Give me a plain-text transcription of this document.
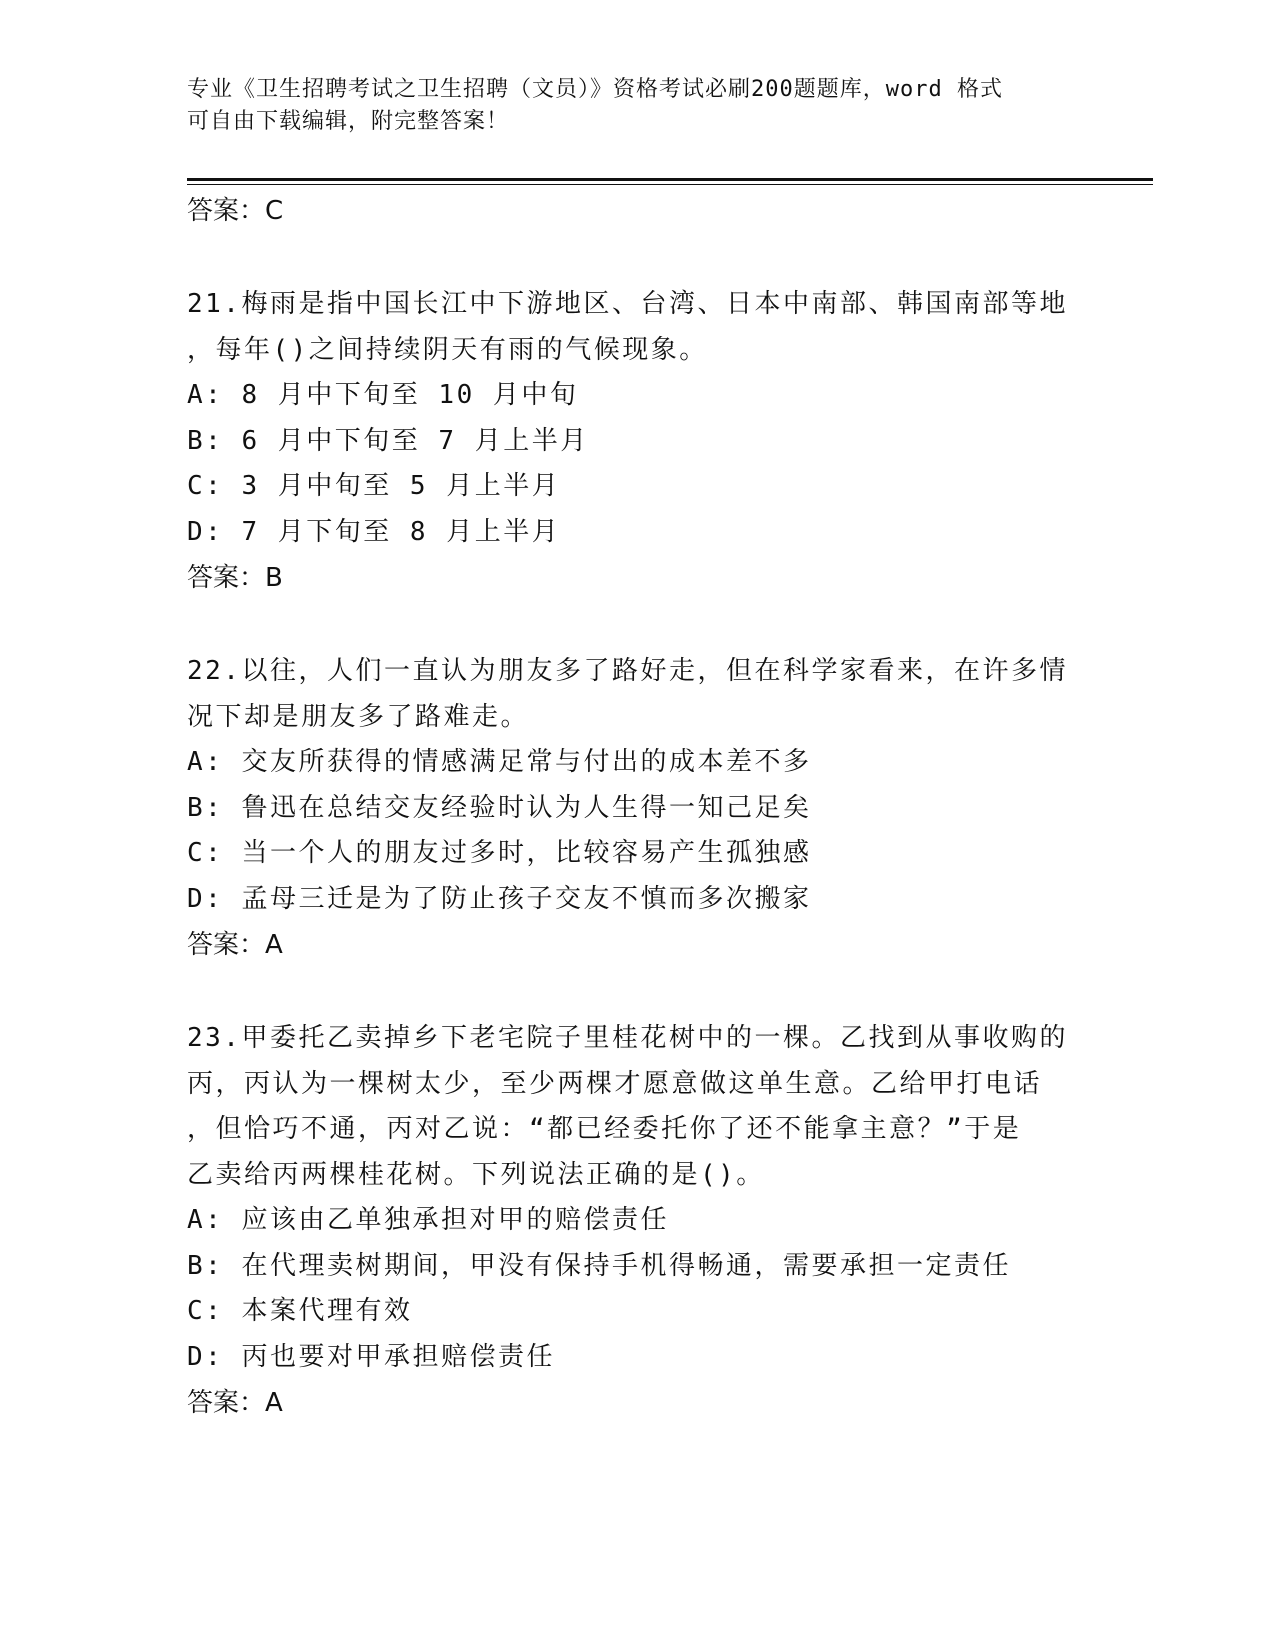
专业《卫生招聘考试之卫生招聘（文员）》资格考试必刷200题题库，word 格式
可自由下载编辑，附完整答案！
答案：C
21.梅雨是指中国长江中下游地区、台湾、日本中南部、韩国南部等地
，每年()之间持续阴天有雨的气候现象。
A: 8 月中下旬至 10 月中旬
B: 6 月中下旬至 7 月上半月
C: 3 月中旬至 5 月上半月
D: 7 月下旬至 8 月上半月
答案：B
22.以往，人们一直认为朋友多了路好走，但在科学家看来，在许多情
况下却是朋友多了路难走。
A: 交友所获得的情感满足常与付出的成本差不多
B: 鲁迅在总结交友经验时认为人生得一知己足矣
C: 当一个人的朋友过多时，比较容易产生孤独感
D: 孟母三迁是为了防止孩子交友不慎而多次搬家
答案：A
23.甲委托乙卖掉乡下老宅院子里桂花树中的一棵。乙找到从事收购的
丙，丙认为一棵树太少，至少两棵才愿意做这单生意。乙给甲打电话
，但恰巧不通，丙对乙说：“都已经委托你了还不能拿主意？”于是
乙卖给丙两棵桂花树。下列说法正确的是()。
A: 应该由乙单独承担对甲的赔偿责任
B: 在代理卖树期间，甲没有保持手机得畅通，需要承担一定责任
C: 本案代理有效
D: 丙也要对甲承担赔偿责任
答案：A
